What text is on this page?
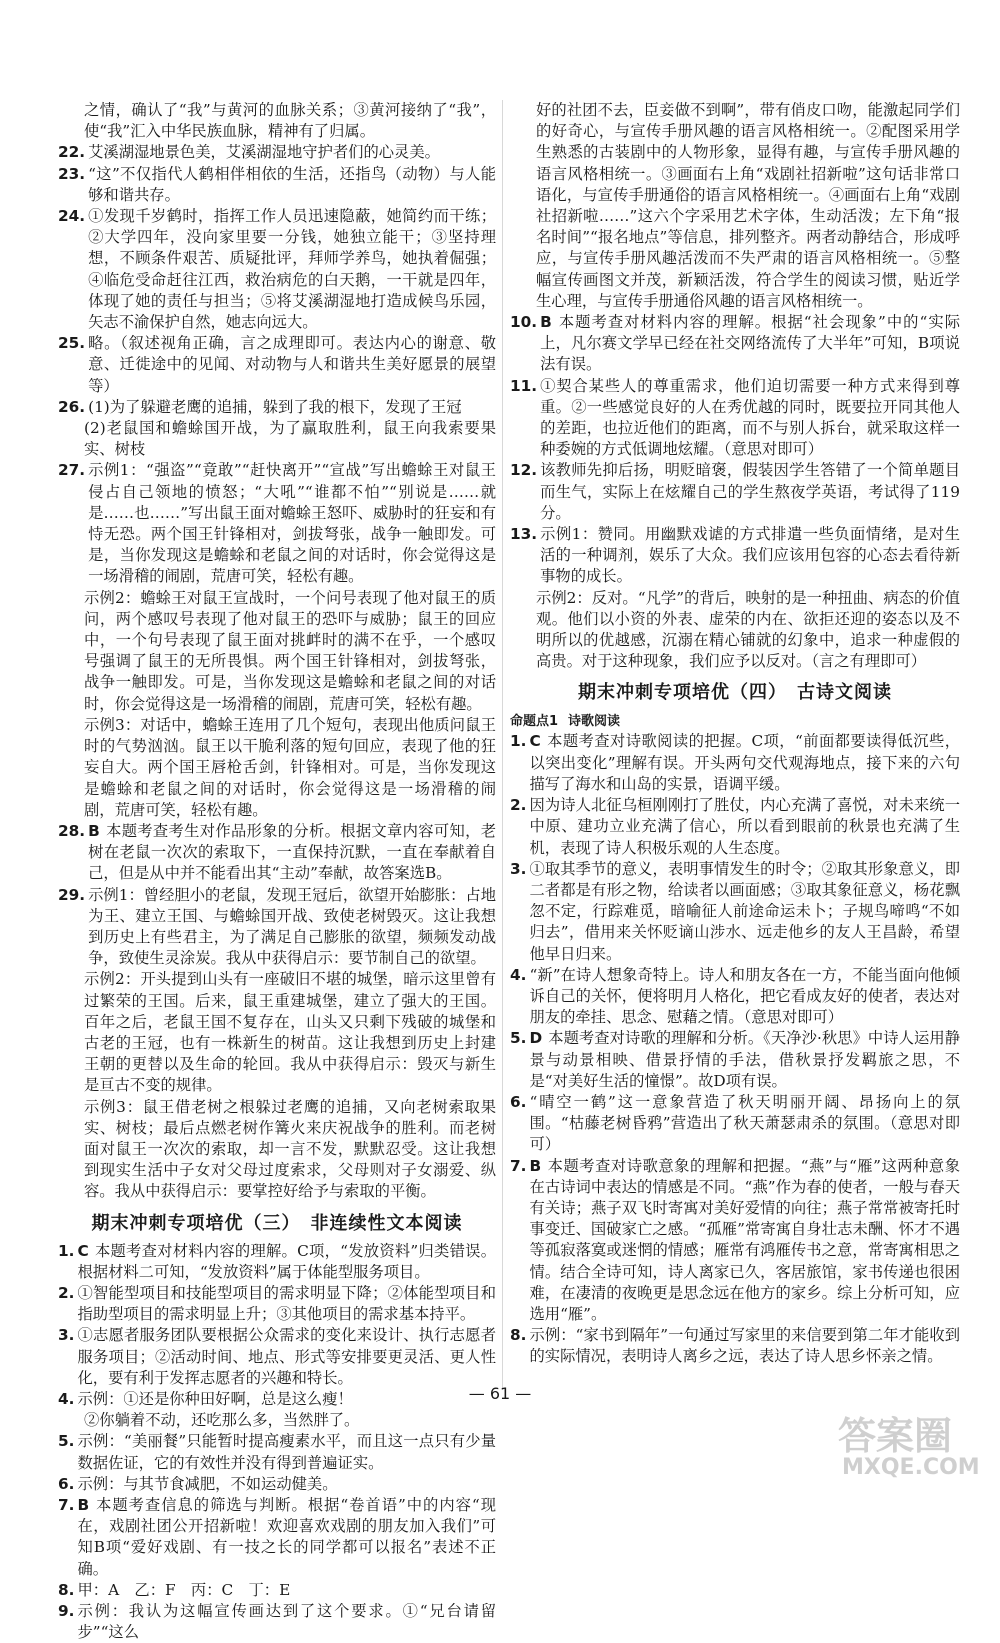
之情，确认了“我”与黄河的血脉关系；③黄河接纳了“我”，使“我”汇入中华民族血脉，精神有了归属。

22. 艾溪湖湿地景色美，艾溪湖湿地守护者们的心灵美。

23. “这”不仅指代人鹤相伴相依的生活，还指鸟（动物）与人能够和谐共存。

24. ①发现千岁鹤时，指挥工作人员迅速隐蔽，她简约而干练；②大学四年，没向家里要一分钱，她独立能干；③坚持理想，不顾条件艰苦、质疑批评，拜师学养鸟，她执着倔强；④临危受命赶往江西，救治病危的白天鹅，一干就是四年，体现了她的责任与担当；⑤将艾溪湖湿地打造成候鸟乐园，矢志不渝保护自然，她志向远大。

25. 略。（叙述视角正确，言之成理即可。表达内心的谢意、敬意、迁徙途中的见闻、对动物与人和谐共生美好愿景的展望等）

26. (1)为了躲避老鹰的追捕，躲到了我的根下，发现了王冠

(2)老鼠国和蟾蜍国开战，为了赢取胜利，鼠王向我索要果实、树枝

27. 示例1：“强盗”“竟敢”“赶快离开”“宣战”写出蟾蜍王对鼠王侵占自己领地的愤怒；“大吼”“谁都不怕”“别说是……就是……也……”写出鼠王面对蟾蜍王怒吓、威胁时的狂妄和有恃无恐。两个国王针锋相对，剑拔弩张，战争一触即发。可是，当你发现这是蟾蜍和老鼠之间的对话时，你会觉得这是一场滑稽的闹剧，荒唐可笑，轻松有趣。

示例2：蟾蜍王对鼠王宣战时，一个问号表现了他对鼠王的质问，两个感叹号表现了他对鼠王的恐吓与威胁；鼠王的回应中，一个句号表现了鼠王面对挑衅时的满不在乎，一个感叹号强调了鼠王的无所畏惧。两个国王针锋相对，剑拔弩张，战争一触即发。可是，当你发现这是蟾蜍和老鼠之间的对话时，你会觉得这是一场滑稽的闹剧，荒唐可笑，轻松有趣。

示例3：对话中，蟾蜍王连用了几个短句，表现出他质问鼠王时的气势汹汹。鼠王以干脆利落的短句回应，表现了他的狂妄自大。两个国王唇枪舌剑，针锋相对。可是，当你发现这是蟾蜍和老鼠之间的对话时，你会觉得这是一场滑稽的闹剧，荒唐可笑，轻松有趣。

28. B 本题考查考生对作品形象的分析。根据文章内容可知，老树在老鼠一次次的索取下，一直保持沉默，一直在奉献着自己，但是从中并不能看出其“主动”奉献，故答案选B。

29. 示例1：曾经胆小的老鼠，发现王冠后，欲望开始膨胀：占地为王、建立王国、与蟾蜍国开战、致使老树毁灭。这让我想到历史上有些君主，为了满足自己膨胀的欲望，频频发动战争，致使生灵涂炭。我从中获得启示：要节制自己的欲望。

示例2：开头提到山头有一座破旧不堪的城堡，暗示这里曾有过繁荣的王国。后来，鼠王重建城堡，建立了强大的王国。百年之后，老鼠王国不复存在，山头又只剩下残破的城堡和古老的王冠，也有一株新生的树苗。这让我想到历史上封建王朝的更替以及生命的轮回。我从中获得启示：毁灭与新生是亘古不变的规律。

示例3：鼠王借老树之根躲过老鹰的追捕，又向老树索取果实、树枝；最后点燃老树作篝火来庆祝战争的胜利。而老树面对鼠王一次次的索取，却一言不发，默默忍受。这让我想到现实生活中子女对父母过度索求，父母则对子女溺爱、纵容。我从中获得启示：要掌控好给予与索取的平衡。

期末冲刺专项培优（三）　非连续性文本阅读

1. C 本题考查对材料内容的理解。C项，“发放资料”归类错误。根据材料二可知，“发放资料”属于体能型服务项目。

2. ①智能型项目和技能型项目的需求明显下降；②体能型项目和指助型项目的需求明显上升；③其他项目的需求基本持平。

3. ①志愿者服务团队要根据公众需求的变化来设计、执行志愿者服务项目；②活动时间、地点、形式等安排要更灵活、更人性化，要有利于发挥志愿者的兴趣和特长。

4. 示例：①还是你种田好啊，总是这么瘦！

②你躺着不动，还吃那么多，当然胖了。

5. 示例：“美丽餐”只能暂时提高瘦素水平，而且这一点只有少量数据佐证，它的有效性并没有得到普遍证实。

6. 示例：与其节食减肥，不如运动健美。

7. B 本题考查信息的筛选与判断。根据“卷首语”中的内容“现在，戏剧社团公开招新啦！欢迎喜欢戏剧的朋友加入我们”可知B项“爱好戏剧、有一技之长的同学都可以报名”表述不正确。

8. 甲：A　乙：F　丙：C　丁：E

9. 示例：我认为这幅宣传画达到了这个要求。①“兄台请留步”“这么

好的社团不去，臣妾做不到啊”，带有俏皮口吻，能激起同学们的好奇心，与宣传手册风趣的语言风格相统一。②配图采用学生熟悉的古装剧中的人物形象，显得有趣，与宣传手册风趣的语言风格相统一。③画面右上角“戏剧社招新啦”这句话非常口语化，与宣传手册通俗的语言风格相统一。④画面右上角“戏剧社招新啦……”这六个字采用艺术字体，生动活泼；左下角“报名时间”“报名地点”等信息，排列整齐。两者动静结合，形成呼应，与宣传手册风趣活泼而不失严肃的语言风格相统一。⑤整幅宣传画图文并茂，新颖活泼，符合学生的阅读习惯，贴近学生心理，与宣传手册通俗风趣的语言风格相统一。

10. B 本题考查对材料内容的理解。根据“社会现象”中的“实际上，凡尔赛文学早已经在社交网络流传了大半年”可知，B项说法有误。

11. ①契合某些人的尊重需求，他们迫切需要一种方式来得到尊重。②一些感觉良好的人在秀优越的同时，既要拉开同其他人的差距，也拉近他们的距离，而不与别人拆台，就采取这样一种委婉的方式低调地炫耀。（意思对即可）

12. 该教师先抑后扬，明贬暗褒，假装因学生答错了一个简单题目而生气，实际上在炫耀自己的学生熬夜学英语，考试得了119分。

13. 示例1：赞同。用幽默戏谑的方式排遣一些负面情绪，是对生活的一种调剂，娱乐了大众。我们应该用包容的心态去看待新事物的成长。

示例2：反对。“凡学”的背后，映射的是一种扭曲、病态的价值观。他们以小资的外表、虚荣的内在、欲拒还迎的姿态以及不明所以的优越感，沉溺在精心铺就的幻象中，追求一种虚假的高贵。对于这种现象，我们应予以反对。（言之有理即可）

期末冲刺专项培优（四）　古诗文阅读
命题点1 诗歌阅读

1. C 本题考查对诗歌阅读的把握。C项，“前面都要读得低沉些，以突出变化”理解有误。开头两句交代观海地点，接下来的六句描写了海水和山岛的实景，语调平缓。

2. 因为诗人北征乌桓刚刚打了胜仗，内心充满了喜悦，对未来统一中原、建功立业充满了信心，所以看到眼前的秋景也充满了生机，表现了诗人积极乐观的人生态度。

3. ①取其季节的意义，表明事情发生的时令；②取其形象意义，即二者都是有形之物，给读者以画面感；③取其象征意义，杨花飘忽不定，行踪难觅，暗喻征人前途命运未卜；子规鸟啼鸣“不如归去”，借用来关怀贬谪山涉水、远走他乡的友人王昌龄，希望他早日归来。

4. “新”在诗人想象奇特上。诗人和朋友各在一方，不能当面向他倾诉自己的关怀，便将明月人格化，把它看成友好的使者，表达对朋友的牵挂、思念、慰藉之情。（意思对即可）

5. D 本题考查对诗歌的理解和分析。《天净沙·秋思》中诗人运用静景与动景相映、借景抒情的手法，借秋景抒发羁旅之思，不是“对美好生活的憧憬”。故D项有误。

6. “晴空一鹤”这一意象营造了秋天明丽开阔、昂扬向上的氛围。“枯藤老树昏鸦”营造出了秋天萧瑟肃杀的氛围。（意思对即可）

7. B 本题考查对诗歌意象的理解和把握。“燕”与“雁”这两种意象在古诗词中表达的情感是不同。“燕”作为春的使者，一般与春天有关诗；燕子双飞时寄寓对美好爱情的向往；燕子常常被寄托时事变迁、国破家亡之感。“孤雁”常寄寓自身壮志未酬、怀才不遇等孤寂落寞或迷惘的情感；雁常有鸿雁传书之意，常寄寓相思之情。结合全诗可知，诗人离家已久，客居旅馆，家书传递也很困难，在凄清的夜晚更是思念远在他方的家乡。综上分析可知，应选用“雁”。

8. 示例：“家书到隔年”一句通过写家里的来信要到第二年才能收到的实际情况，表明诗人离乡之远，表达了诗人思乡怀亲之情。

— 61 —
答案圈
MXQE.COM
